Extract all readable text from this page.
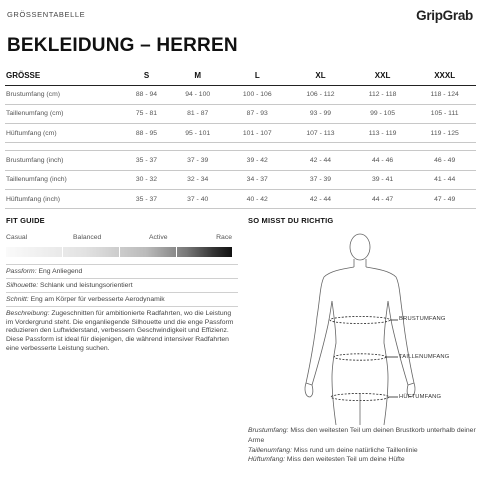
GRÖSSENTABELLE	GripGrab
BEKLEIDUNG – HERREN
GRÖSSE	S	M	L	XL	XXL	XXXL
Brustumfang (cm)	88 - 94	94 - 100	100 - 106	106 - 112	112 - 118	118 - 124
Taillenumfang (cm)	75 - 81	81 - 87	87 - 93	93 - 99	99 - 105	105 - 111
Hüftumfang (cm)	88 - 95	95 - 101	101 - 107	107 - 113	113 - 119	119 - 125

Brustumfang (inch)	35 - 37	37 - 39	39 - 42	42 - 44	44 - 46	46 - 49
Taillenumfang (inch)	30 - 32	32 - 34	34 - 37	37 - 39	39 - 41	41 - 44
Hüftumfang (inch)	35 - 37	37 - 40	40 - 42	42 - 44	44 - 47	47 - 49
FIT GUIDE
Casual	Balanced	Active	Race
Passform: Eng Anliegend
Silhouette: Schlank und leistungsorientiert
Schnitt: Eng am Körper für verbesserte Aerodynamik
Beschreibung: Zugeschnitten für ambitionierte Radfahrten, wo die Leistung im Vordergrund steht. Die enganliegende Silhouette und die enge Passform reduzieren den Luftwiderstand, verbessern Geschwindigkeit und Effizienz. Diese Passform ist ideal für diejenigen, die während intensiver Radfahrten eine verbesserte Leistung suchen.
SO MISST DU RICHTIG
BRUSTUMFANG
TAILLENUMFANG
HÜFTUMFANG
Brustumfang: Miss den weitesten Teil um deinen Brustkorb unterhalb deiner Arme
Taillenumfang: Miss rund um deine natürliche Taillenlinie
Hüftumfang: Miss den weitesten Teil um deine Hüfte
